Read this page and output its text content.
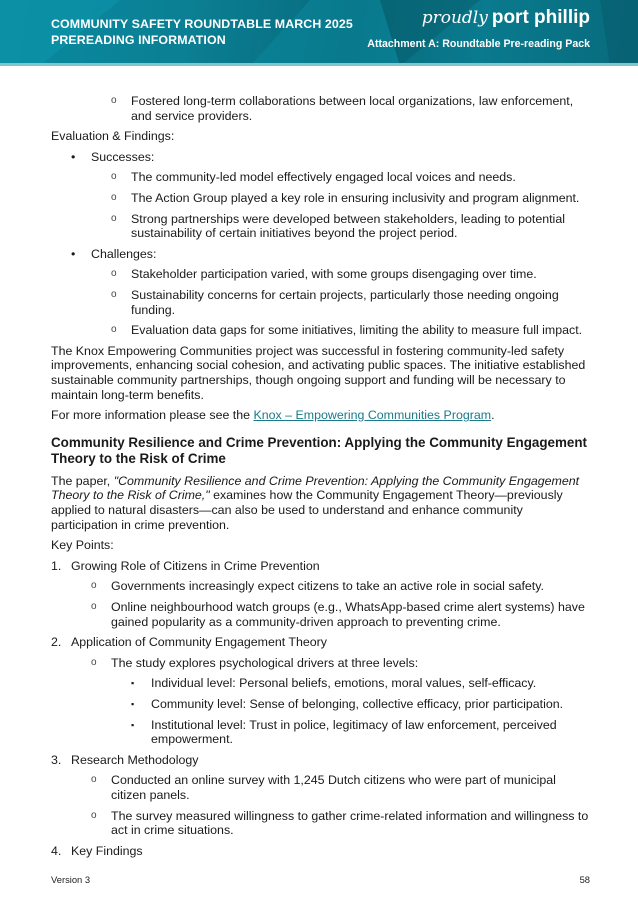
COMMUNITY SAFETY ROUNDTABLE MARCH 2025
PREREADING INFORMATION
proudly port phillip
Attachment A: Roundtable Pre-reading Pack
o Fostered long-term collaborations between local organizations, law enforcement, and service providers.

Evaluation & Findings:

• Successes:
o The community-led model effectively engaged local voices and needs.
o The Action Group played a key role in ensuring inclusivity and program alignment.
o Strong partnerships were developed between stakeholders, leading to potential sustainability of certain initiatives beyond the project period.
• Challenges:
o Stakeholder participation varied, with some groups disengaging over time.
o Sustainability concerns for certain projects, particularly those needing ongoing funding.
o Evaluation data gaps for some initiatives, limiting the ability to measure full impact.

The Knox Empowering Communities project was successful in fostering community-led safety improvements, enhancing social cohesion, and activating public spaces. The initiative established sustainable community partnerships, though ongoing support and funding will be necessary to maintain long-term benefits.

For more information please see the Knox – Empowering Communities Program.

Community Resilience and Crime Prevention: Applying the Community Engagement Theory to the Risk of Crime

The paper, "Community Resilience and Crime Prevention: Applying the Community Engagement Theory to the Risk of Crime," examines how the Community Engagement Theory—previously applied to natural disasters—can also be used to understand and enhance community participation in crime prevention.

Key Points:

1. Growing Role of Citizens in Crime Prevention
o Governments increasingly expect citizens to take an active role in social safety.
o Online neighbourhood watch groups (e.g., WhatsApp-based crime alert systems) have gained popularity as a community-driven approach to preventing crime.
2. Application of Community Engagement Theory
o The study explores psychological drivers at three levels:
▪ Individual level: Personal beliefs, emotions, moral values, self-efficacy.
▪ Community level: Sense of belonging, collective efficacy, prior participation.
▪ Institutional level: Trust in police, legitimacy of law enforcement, perceived empowerment.
3. Research Methodology
o Conducted an online survey with 1,245 Dutch citizens who were part of municipal citizen panels.
o The survey measured willingness to gather crime-related information and willingness to act in crime situations.
4. Key Findings
Version 3	58
